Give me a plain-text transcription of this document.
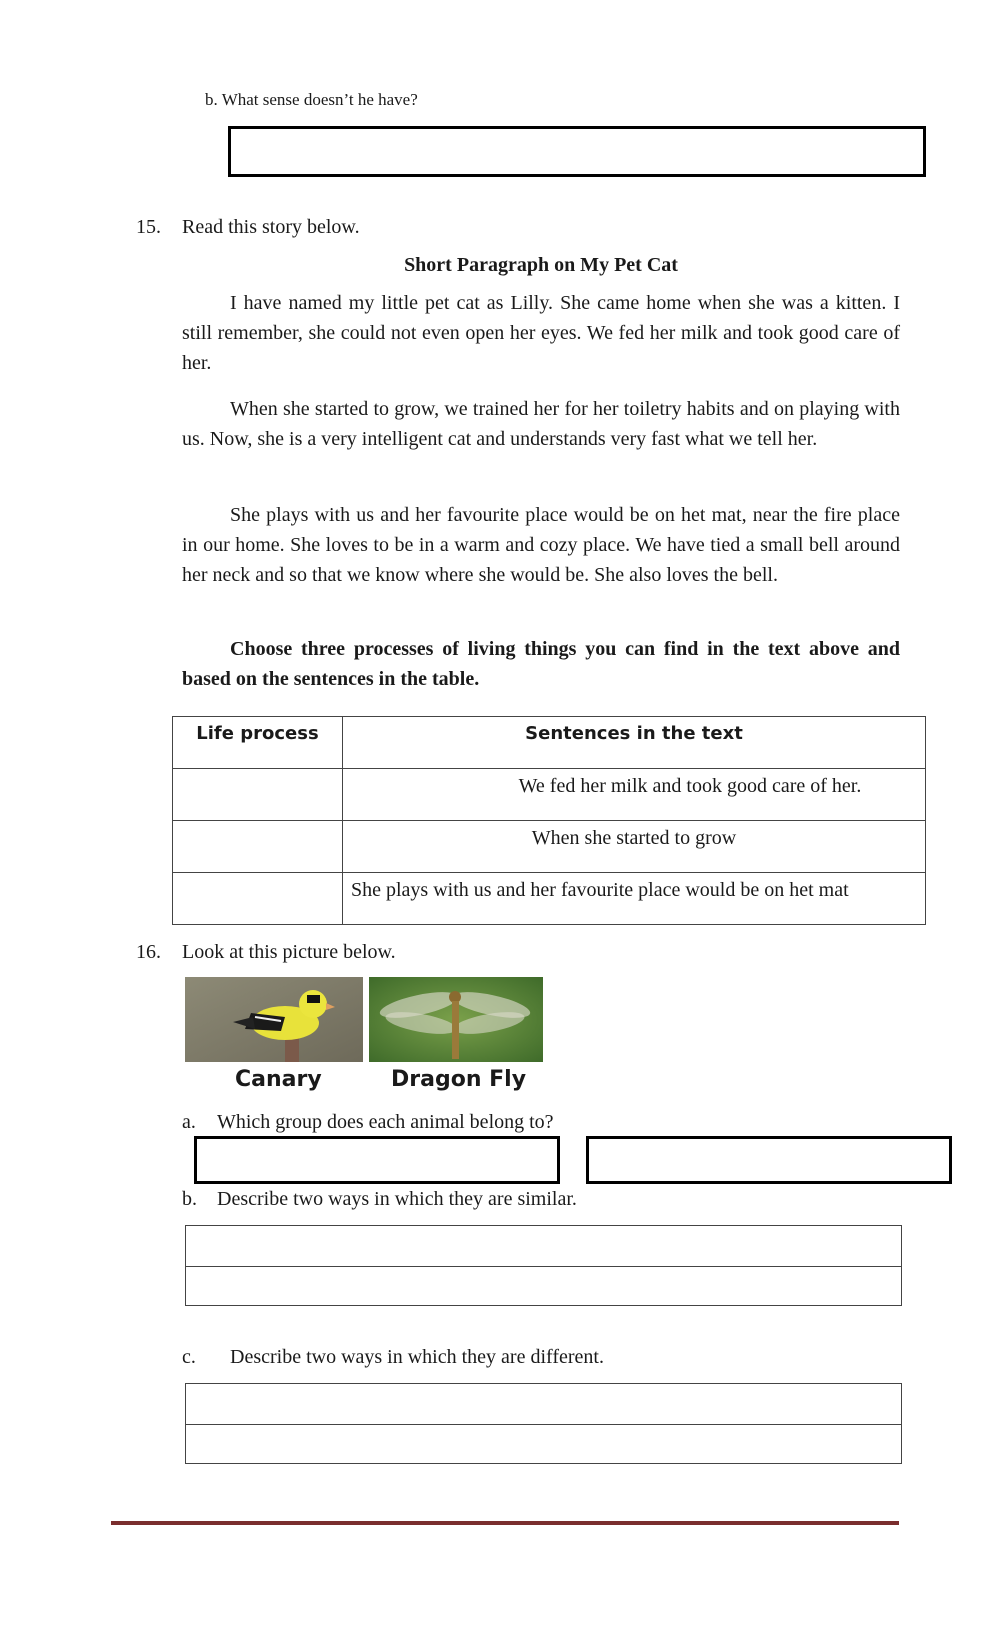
b. What sense doesn’t he have?
15. Read this story below.
Short Paragraph on My Pet Cat

I have named my little pet cat as Lilly. She came home when she was a kitten. I still remember, she could not even open her eyes. We fed her milk and took good care of her.

When she started to grow, we trained her for her toiletry habits and on playing with us. Now, she is a very intelligent cat and understands very fast what we tell her.

She plays with us and her favourite place would be on het mat, near the fire place in our home. She loves to be in a warm and cozy place. We have tied a small bell around her neck and so that we know where she would be. She also loves the bell.

Choose three processes of living things you can find in the text above and based on the sentences in the table.

Life process	Sentences in the text
	We fed her milk and took good care of her.
	When she started to grow
	She plays with us and her favourite place would be on het mat
16. Look at this picture below.
Canary	Dragon Fly
a. Which group does each animal belong to?
b. Describe two ways in which they are similar.
c. Describe two ways in which they are different.
